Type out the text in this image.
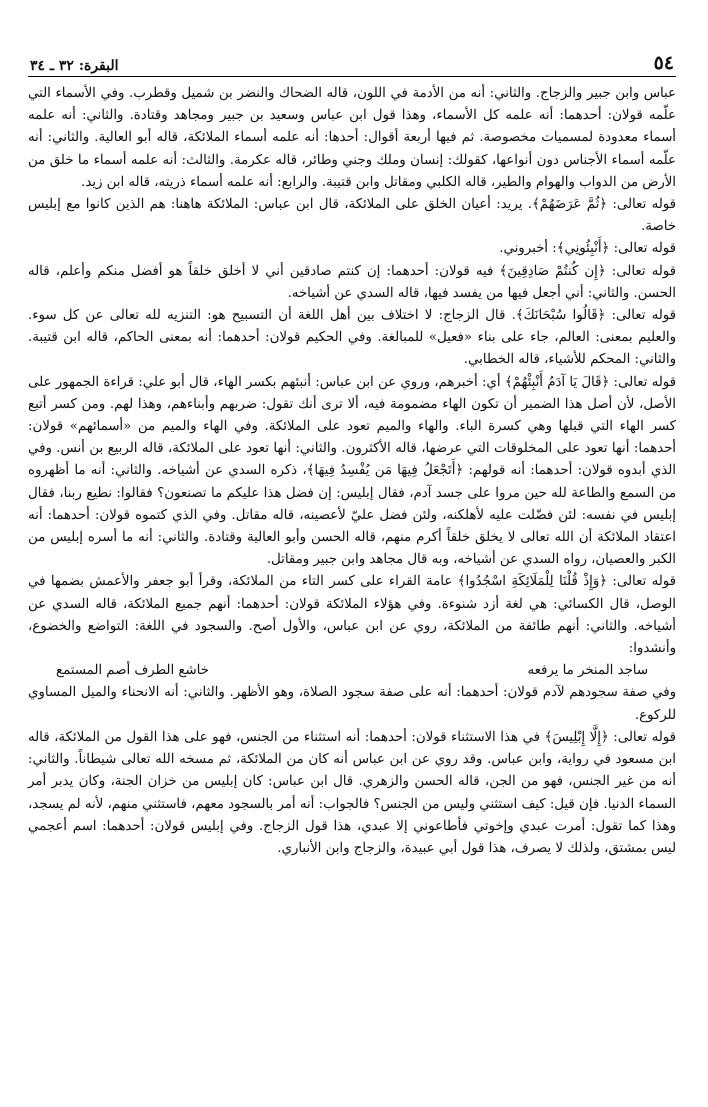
٥٤
البقرة: ٣٢ ـ ٣٤

عباس وابن جبير والزجاج. والثاني: أنه من الأدمة في اللون، قاله الضحاك والنضر بن شميل وقطرب. وفي الأسماء التي علّمه قولان: أحدهما: أنه علمه كل الأسماء، وهذا قول ابن عباس وسعيد بن جبير ومجاهد وقتادة. والثاني: أنه علمه أسماء معدودة لمسميات مخصوصة. ثم فيها أربعة أقوال: أحدها: أنه علمه أسماء الملائكة، قاله أبو العالية. والثاني: أنه علّمه أسماء الأجناس دون أنواعها، كقولك: إنسان وملك وجني وطائر، قاله عكرمة. والثالث: أنه علمه أسماء ما خلق من الأرض من الدواب والهوام والطير، قاله الكلبي ومقاتل وابن قتيبة. والرابع: أنه علمه أسماء ذريته، قاله ابن زيد.

قوله تعالى: ﴿ثُمَّ عَرَضَهُمْ﴾. يريد: أعيان الخلق على الملائكة، قال ابن عباس: الملائكة هاهنا: هم الذين كانوا مع إبليس خاصة.

قوله تعالى: ﴿أَنْبِئُونِي﴾: أخبروني.

قوله تعالى: ﴿إِن كُنتُمْ صَادِقِينَ﴾ فيه قولان: أحدهما: إن كنتم صادقين أني لا أخلق خلقاً هو أفضل منكم وأعلم، قاله الحسن. والثاني: أني أجعل فيها من يفسد فيها، قاله السدي عن أشياخه.

قوله تعالى: ﴿قَالُوا سُبْحَانَكَ﴾. قال الزجاج: لا اختلاف بين أهل اللغة أن التسبيح هو: التنزيه لله تعالى عن كل سوء. والعليم بمعنى: العالم، جاء على بناء «فعيل» للمبالغة. وفي الحكيم قولان: أحدهما: أنه بمعنى الحاكم، قاله ابن قتيبة. والثاني: المحكم للأشياء، قاله الخطابي.

قوله تعالى: ﴿قَالَ يَا آدَمُ أَنْبِئْهُمْ﴾ أي: أخبرهم، وروي عن ابن عباس: أنبئهم بكسر الهاء، قال أبو علي: قراءة الجمهور على الأصل، لأن أصل هذا الضمير أن تكون الهاء مضمومة فيه، ألا ترى أنك تقول: ضربهم وأبناءهم، وهذا لهم. ومن كسر أتبع كسر الهاء التي قبلها وهي كسرة الباء. والهاء والميم تعود على الملائكة. وفي الهاء والميم من «أسمائهم» قولان: أحدهما: أنها تعود على المخلوقات التي عرضها، قاله الأكثرون. والثاني: أنها تعود على الملائكة، قاله الربيع بن أنس. وفي الذي أبدوه قولان: أحدهما: أنه قولهم: ﴿أَتَجْعَلُ فِيهَا مَن يُفْسِدُ فِيهَا﴾، ذكره السدي عن أشياخه. والثاني: أنه ما أظهروه من السمع والطاعة لله حين مروا على جسد آدم، فقال إبليس: إن فضل هذا عليكم ما تصنعون؟ فقالوا: نطيع ربنا، فقال إبليس في نفسه: لئن فضّلت عليه لأهلكنه، ولئن فضل عليّ لأعصينه، قاله مقاتل. وفي الذي كتموه قولان: أحدهما: أنه اعتقاد الملائكة أن الله تعالى لا يخلق خلقاً أكرم منهم، قاله الحسن وأبو العالية وقتادة. والثاني: أنه ما أسره إبليس من الكبر والعصيان، رواه السدي عن أشياخه، وبه قال مجاهد وابن جبير ومقاتل.

قوله تعالى: ﴿وَإِذْ قُلْنَا لِلْمَلَائِكَةِ اسْجُدُوا﴾ عامة القراء على كسر التاء من الملائكة، وقرأ أبو جعفر والأعمش بضمها في الوصل، قال الكسائي: هي لغة أزد شنوءة. وفي هؤلاء الملائكة قولان: أحدهما: أنهم جميع الملائكة، قاله السدي عن أشياخه. والثاني: أنهم طائفة من الملائكة، روي عن ابن عباس، والأول أصح. والسجود في اللغة: التواضع والخضوع، وأنشدوا:

ساجد المنخر ما يرفعه
خاشع الطرف أصم المستمع

وفي صفة سجودهم لآدم قولان: أحدهما: أنه على صفة سجود الصلاة، وهو الأظهر. والثاني: أنه الانحناء والميل المساوي للركوع.

قوله تعالى: ﴿إِلَّا إِبْلِيسَ﴾ في هذا الاستثناء قولان: أحدهما: أنه استثناء من الجنس، فهو على هذا القول من الملائكة، قاله ابن مسعود في رواية، وابن عباس. وقد روي عن ابن عباس أنه كان من الملائكة، ثم مسخه الله تعالى شيطاناً. والثاني: أنه من غير الجنس، فهو من الجن، قاله الحسن والزهري. قال ابن عباس: كان إبليس من خزان الجنة، وكان يدبر أمر السماء الدنيا. فإن قيل: كيف استثني وليس من الجنس؟ فالجواب: أنه أمر بالسجود معهم، فاستثني منهم، لأنه لم يسجد، وهذا كما تقول: أمرت عبدي وإخوتي فأطاعوني إلا عبدي، هذا قول الزجاج. وفي إبليس قولان: أحدهما: اسم أعجمي ليس بمشتق، ولذلك لا يصرف، هذا قول أبي عبيدة، والزجاج وابن الأنباري.
